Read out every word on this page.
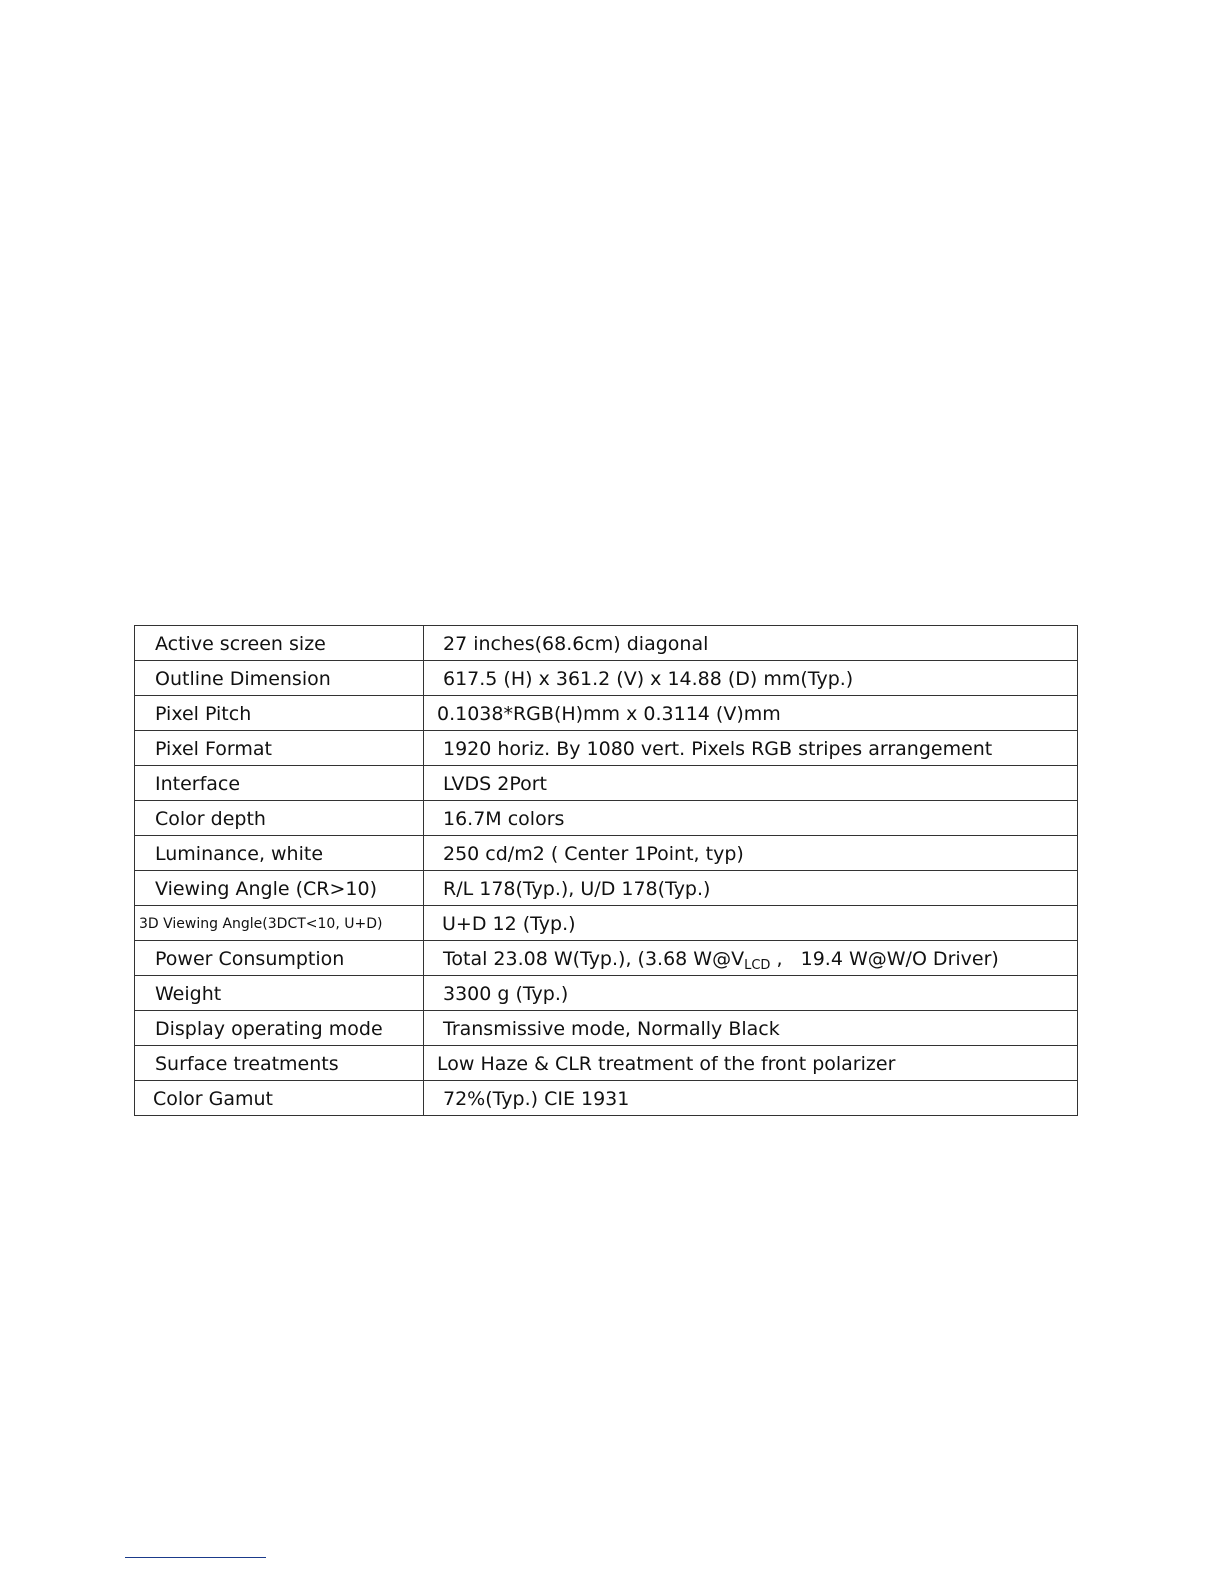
Active screen size	27 inches(68.6cm) diagonal
Outline Dimension	617.5 (H) x 361.2 (V) x 14.88 (D) mm(Typ.)
Pixel Pitch	0.1038*RGB(H)mm x 0.3114 (V)mm
Pixel Format	1920 horiz. By 1080 vert. Pixels RGB stripes arrangement
Interface	LVDS 2Port
Color depth	16.7M colors
Luminance, white	250 cd/m2 ( Center 1Point, typ)
Viewing Angle (CR>10)	R/L 178(Typ.), U/D 178(Typ.)
3D Viewing Angle(3DCT<10, U+D)	U+D 12 (Typ.)
Power Consumption	Total 23.08 W(Typ.), (3.68 $W@V_{LCD}$ ,   19.4 W@W/O Driver)
Weight	3300 g (Typ.)
Display operating mode	Transmissive mode, Normally Black
Surface treatments	Low Haze & CLR treatment of the front polarizer
Color Gamut	72%(Typ.) CIE 1931
